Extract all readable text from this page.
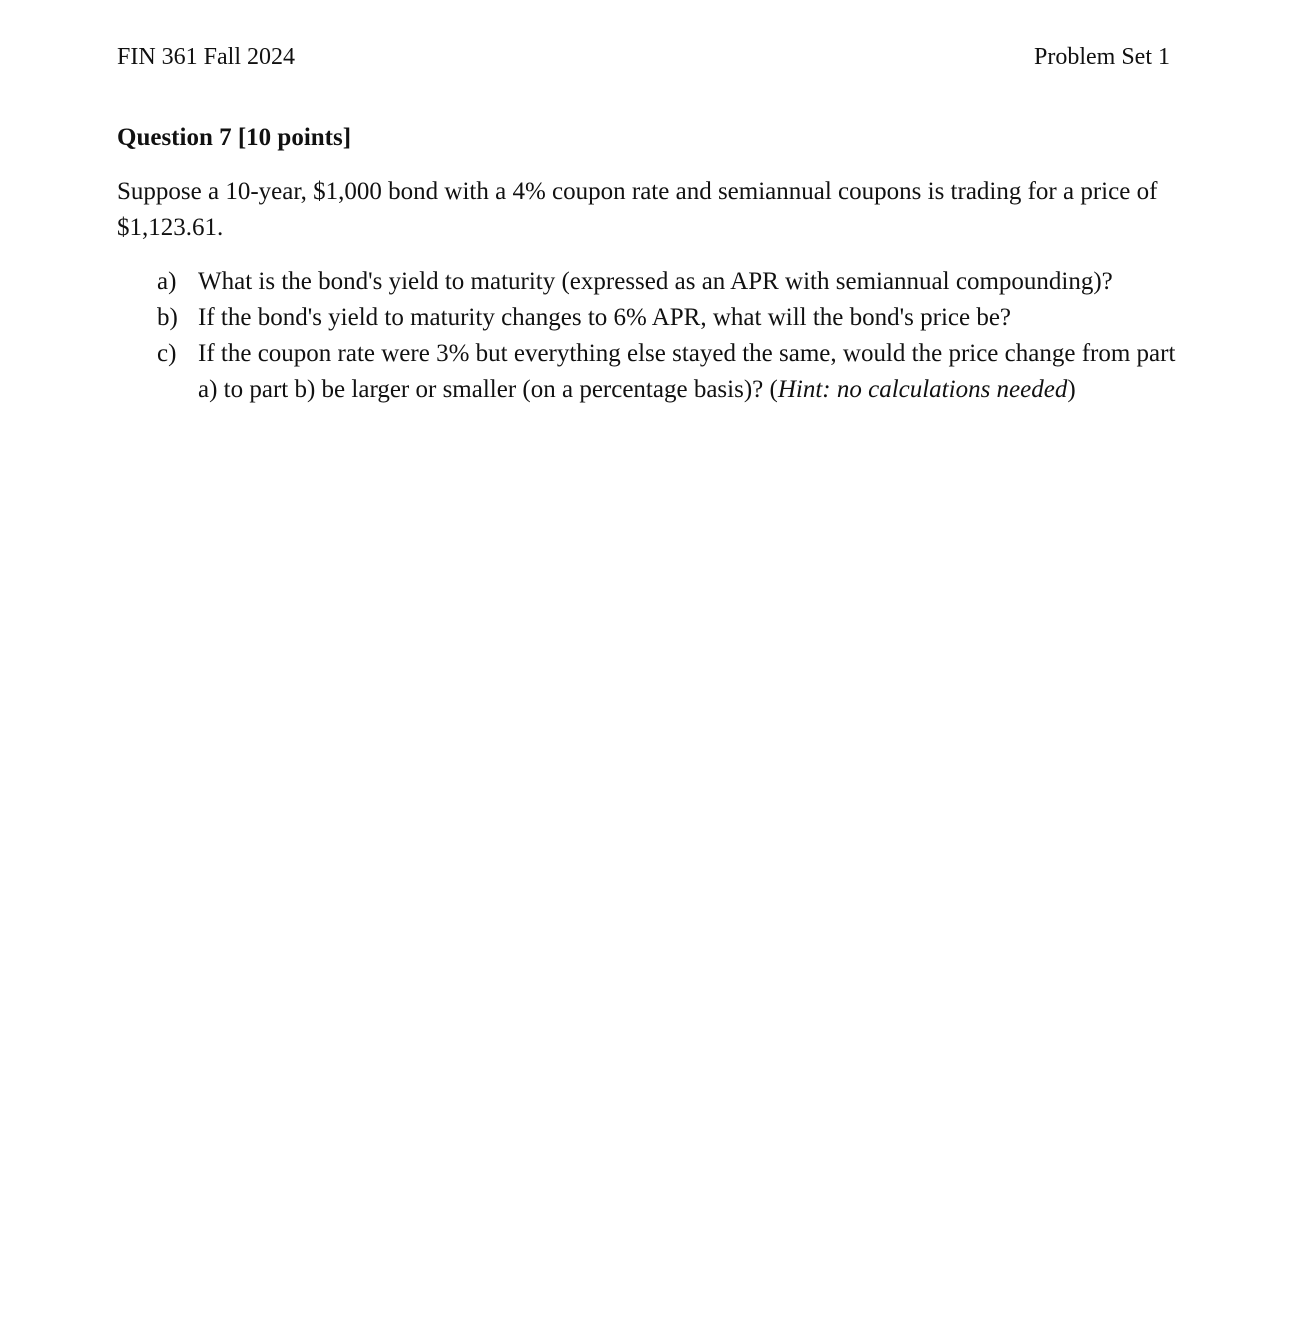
FIN 361 Fall 2024	Problem Set 1
Question 7 [10 points]

Suppose a 10-year, $1,000 bond with a 4% coupon rate and semiannual coupons is trading for a price of $1,123.61.

a) What is the bond's yield to maturity (expressed as an APR with semiannual compounding)?
b) If the bond's yield to maturity changes to 6% APR, what will the bond's price be?
c) If the coupon rate were 3% but everything else stayed the same, would the price change from part a) to part b) be larger or smaller (on a percentage basis)? (Hint: no calculations needed)
